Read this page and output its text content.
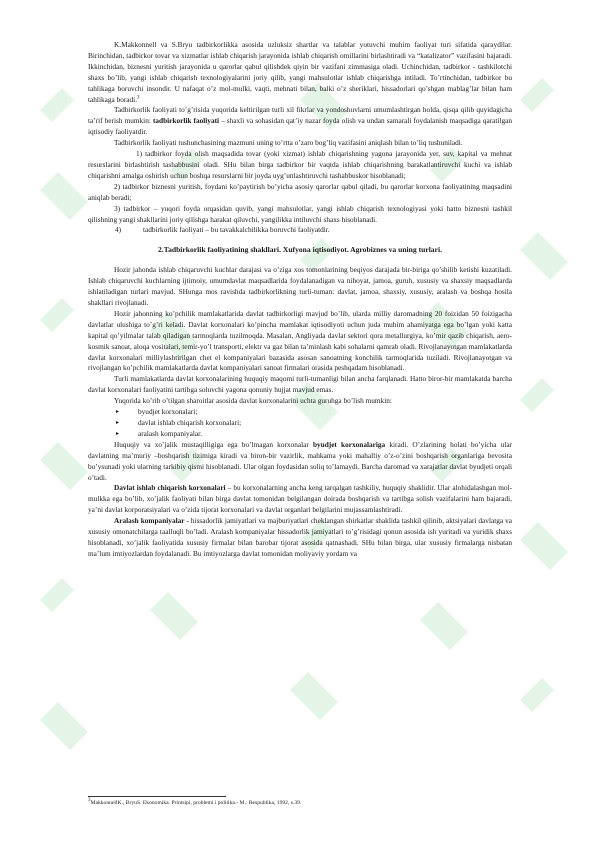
K.Makkonnell va S.Bryu tadbirkorlikka asosida uzluksiz shartlar va talablar yotuvchi muhim faoliyat turi sifatida qaraydilar. Birinchidan, tadbirkor tovar va xizmatlar ishlab chiqarish jarayonida ishlab chiqarish omillarini birlashtiradi va “katalizator” vazifasini bajaradi. Ikkinchidan, biznesni yuritish jarayonida u qarorlar qabul qilishdek qiyin bir vazifani zimmasiga oladi. Uchinchidan, tadbirkor - tashkilotchi shaxs bo’lib, yangi ishlab chiqarish texnologiyalarini joriy qilib, yangi mahsulotlar ishlab chiqarishga intiladi. To’rtinchidan, tadbirkor bu tahlikaga boruvchi insondir. U nafaqat o’z mol-mulki, vaqti, mehnati bilan, balki o’z sheriklari, hissadorlari qo’shgan mablag’lar bilan ham tahlikaga boradi.$^3$

Tadbirkorlik faoliyati to’g’risida yuqorida keltirilgan turli xil fikrlar va yondoshuvlarni umumlashtirgan holda, qisqa qilib quyidagicha ta’rif berish mumkin: tadbirkorlik faoliyati – shaxli va sohasidan qat’iy nazar foyda olish va undan samarali foydalanish maqsadiga qaratilgan iqtisodiy faoliyatdir.

Tadbirkorlik faoliyati tushunchasining mazmuni uning to’rtta o’zaro bog’liq vazifasini aniqlash bilan to’liq tushuniladi.

1) tadbirkor foyda olish maqsadida tovar (yoki xizmat) ishlab chiqarishning yagona jarayonida yer, suv, kapital va mehnat resurslarini birlashtirish tashabbusini oladi. SHu bilan birga tadbirkor bir vaqtda ishlab chiqarishning barakatlantiruvchi kuchi va ishlab chiqarishni amalga oshirish uchun boshqa resurslarni bir joyda uyg’unlashtiruvchi tashabbuskor hisoblanadi;

2) tadbirkor biznesni yuritish, foydani ko’paytirish bo’yicha asosiy qarorlar qabul qiladi, bu qarorlar korxona faoliyatining maqsadini aniqlab beradi;

3) tadbirkor – yuqori foyda orqasidan quvib, yangi mahsulotlar, yangi ishlab chiqarish texnologiyasi yoki hatto biznesni tashkil qilishning yangi shakllarini joriy qilishga harakat qiluvchi, yangilikka intiluvchi shaxs hisoblanadi.

4)	tadbirkorlik faoliyati – bu tavakkalchilikka boruvchi faoliyatdir.
2.Tadbirkorlik faoliyatining shakllari. Xufyona iqtisodiyot. Agrobiznes va uning turlari.

Hozir jahonda ishlab chiqaruvchi kuchlar darajasi va o’ziga xos tomonlarining beqiyos darajada bir-biriga qo’shilib ketishi kuzatiladi. Ishlab chiqaruvchi kuchlarning ijtimoiy, umumdavlat maqsadlarida foydalanadigan va nihoyat, jamoa, guruh, xususiy va shaxsiy maqsadlarda ishlatiladigan turlari mavjud. SHunga mos ravishda tadbirkorlikning turli-tuman: davlat, jamoa, shaxsiy, xususiy, aralash va boshqa hosila shakllari rivojlanadi.

Hozir jahonning ko’pchilik mamlakatlarida davlat tadbirkorligi mavjud bo’lib, ularda milliy daromadning 20 foizidan 50 foizigacha davlatlar ulushiga to’g’ri keladi. Davlat korxonalari ko’pincha mamlakat iqtisodiyoti uchun juda muhim ahamiyatga ega bo’lgan yoki katta kapital qo’yilmalar talab qiladigan tarmoqlarda tuzilmoqda. Masalan, Angliyada davlat sektori qora metallurgiya, ko’mir qazib chiqarish, aero-kosmik sanoat, aloqa vositalari, temir-yo’l transporti, elektr va gaz bilan ta’minlash kabi sohalarni qamrab oladi. Rivojlanayotgan mamlakatlarda davlat korxonalari milliylashtirilgan chet el kompaniyalari bazasida asosan sanoatning konchilik tarmoqlarida tuziladi. Rivojlanayotgan va rivojlangan ko’pchilik mamlakatlarda davlat kompaniyalari sanoat firmalari orasida peshqadam hisoblanadi.

Turli mamlakatlarda davlat korxonalarining huquqiy maqomi turli-tumanligi bilan ancha farqlanadi. Hatto biror-bir mamlakatda barcha davlat korxonalari faoliyatini tartibga soluvchi yagona qonuniy hujjat mavjud emas.

Yuqorida ko’rib o’tilgan sharoitlar asosida davlat korxonalarini uchta guruhga bo’lish mumkin:

▸	byudjet korxonalari;
▸	davlat ishlab chiqarish korxonalari;
▸	aralash kompaniyalar.

Huquqiy va xo’jalik mustaqilligiga ega bo’lmagan korxonalar byudjet korxonalariga kiradi. O’zlarining holati bo’yicha ular davlatning ma’muriy –boshqarish tizimiga kiradi va biron-bir vazirlik, mahkama yoki mahalliy o’z-o’zini boshqarish organlariga bevosita bo’ysunadi yoki ularning tarkibiy qismi hisoblanadi. Ular olgan foydasidan soliq to’lamaydi. Barcha daromad va xarajatlar davlat byudjeti orqali o’tadi.

Davlat ishlab chiqarish korxonalari – bu korxonalarning ancha keng tarqalgan tashkiliy, huquqiy shaklidir. Ular alohidalashgan mol-mulkka ega bo’lib, xo’jalik faoliyati bilan birga davlat tomonidan belgilangan doirada boshqarish va tartibga solish vazifalarini ham bajaradi, ya’ni davlat korporatsiyalari va o’zida tijorat korxonalari va davlat organlari belgilarini mujassamlashtiradi.

Aralash kompaniyalar - hissadorlik jamiyatlari va majburiyatlari cheklangan shirkatlar shaklida tashkil qilinib, aktsiyalari davlatga va xususiy omonatchilarga taalluqli bo’ladi. Aralash kompaniyalar hissadorlik jamiyatlari to’g’risidagi qonun asosida ish yuritadi va yuridik shaxs hisoblanadi, xo’jalik faoliyatida xususiy firmalar bilan barobar tijorat asosida qatnashadi. SHu bilan birga, ular xususiy firmalarga nisbatan ma’lum imtiyozlardan foydalanadi. Bu imtiyozlarga davlat tomonidan moliyaviy yordam va

3MakkonnellK., BryuS. Ekonomika. Printsipi, problemi i politika.- M.: Respublika, 1992, s.39.
